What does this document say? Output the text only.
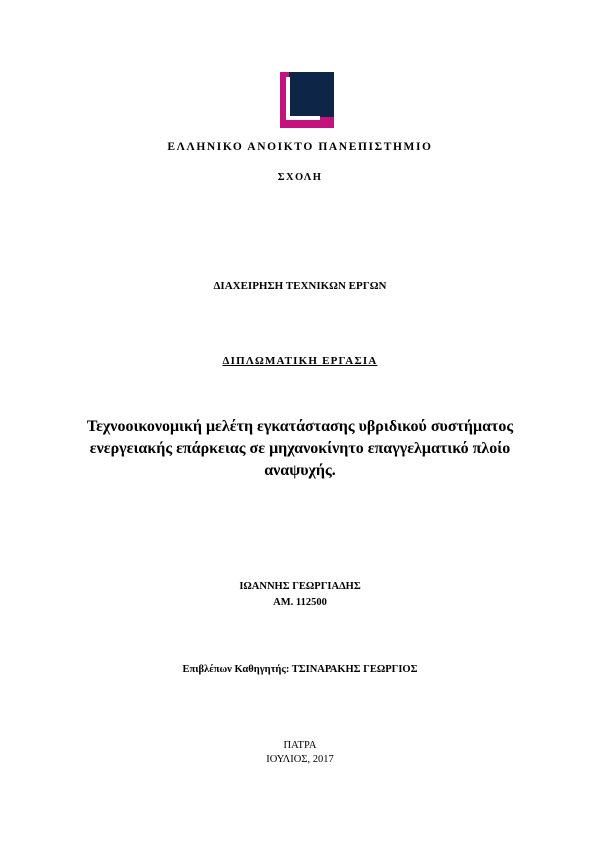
ΕΛΛΗΝΙΚΟ ΑΝΟΙΚΤΟ ΠΑΝΕΠΙΣΤΗΜΙΟ
ΣΧΟΛΗ
ΔΙΑΧΕΙΡΗΣΗ ΤΕΧΝΙΚΩΝ ΕΡΓΩΝ
ΔΙΠΛΩΜΑΤΙΚΗ ΕΡΓΑΣΙΑ
Τεχνοοικονομική μελέτη εγκατάστασης υβριδικού συστήματος ενεργειακής επάρκειας σε μηχανοκίνητο επαγγελματικό πλοίο αναψυχής.
ΙΩΑΝΝΗΣ ΓΕΩΡΓΙΑΔΗΣ
ΑΜ. 112500
Επιβλέπων Καθηγητής: ΤΣΙΝΑΡΑΚΗΣ ΓΕΩΡΓΙΟΣ
ΠΑΤΡΑ
ΙΟΥΛΙΟΣ, 2017
